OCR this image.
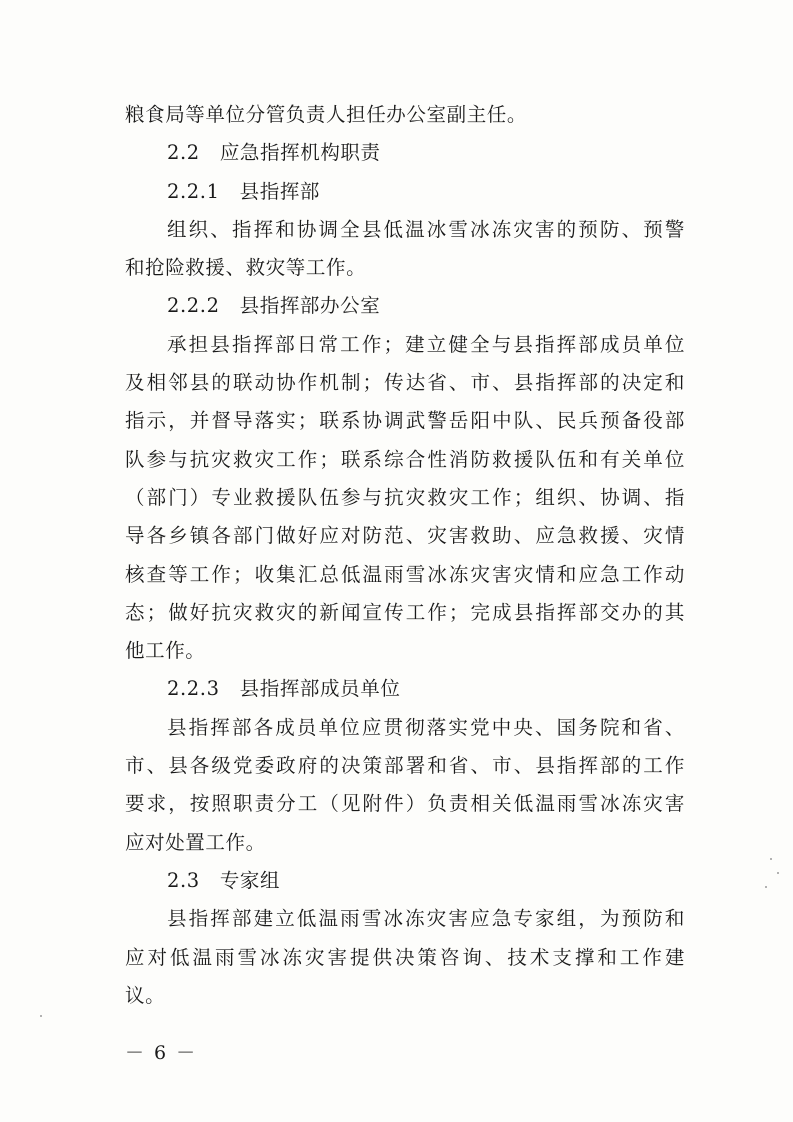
粮食局等单位分管负责人担任办公室副主任。
2.2 应急指挥机构职责
2.2.1 县指挥部
组织、指挥和协调全县低温冰雪冰冻灾害的预防、预警
和抢险救援、救灾等工作。
2.2.2 县指挥部办公室
承担县指挥部日常工作；建立健全与县指挥部成员单位
及相邻县的联动协作机制；传达省、市、县指挥部的决定和
指示，并督导落实；联系协调武警岳阳中队、民兵预备役部
队参与抗灾救灾工作；联系综合性消防救援队伍和有关单位
（部门）专业救援队伍参与抗灾救灾工作；组织、协调、指
导各乡镇各部门做好应对防范、灾害救助、应急救援、灾情
核查等工作；收集汇总低温雨雪冰冻灾害灾情和应急工作动
态；做好抗灾救灾的新闻宣传工作；完成县指挥部交办的其
他工作。
2.2.3 县指挥部成员单位
县指挥部各成员单位应贯彻落实党中央、国务院和省、
市、县各级党委政府的决策部署和省、市、县指挥部的工作
要求，按照职责分工（见附件）负责相关低温雨雪冰冻灾害
应对处置工作。
2.3 专家组
县指挥部建立低温雨雪冰冻灾害应急专家组，为预防和
应对低温雨雪冰冻灾害提供决策咨询、技术支撑和工作建
议。
－ 6 －
